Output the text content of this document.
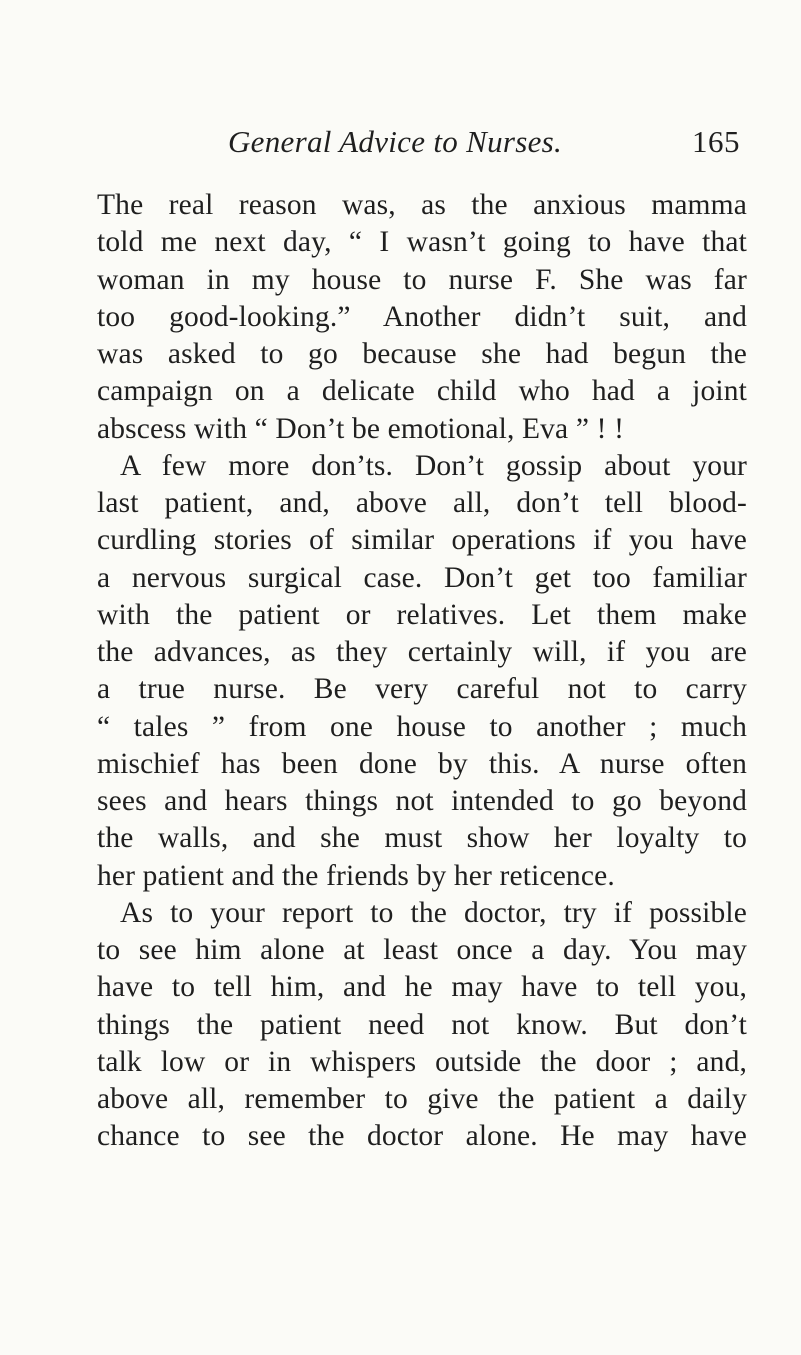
General Advice to Nurses.	165
The real reason was, as the anxious mamma
told me next day, “ I wasn’t going to have that
woman in my house to nurse F. She was far
too good-looking.” Another didn’t suit, and
was asked to go because she had begun the
campaign on a delicate child who had a joint
abscess with “ Don’t be emotional, Eva ” ! !
A few more don’ts. Don’t gossip about your
last patient, and, above all, don’t tell blood-
curdling stories of similar operations if you have
a nervous surgical case. Don’t get too familiar
with the patient or relatives. Let them make
the advances, as they certainly will, if you are
a true nurse. Be very careful not to carry
“ tales ” from one house to another ; much
mischief has been done by this. A nurse often
sees and hears things not intended to go beyond
the walls, and she must show her loyalty to
her patient and the friends by her reticence.
As to your report to the doctor, try if possible
to see him alone at least once a day. You may
have to tell him, and he may have to tell you,
things the patient need not know. But don’t
talk low or in whispers outside the door ; and,
above all, remember to give the patient a daily
chance to see the doctor alone. He may have
